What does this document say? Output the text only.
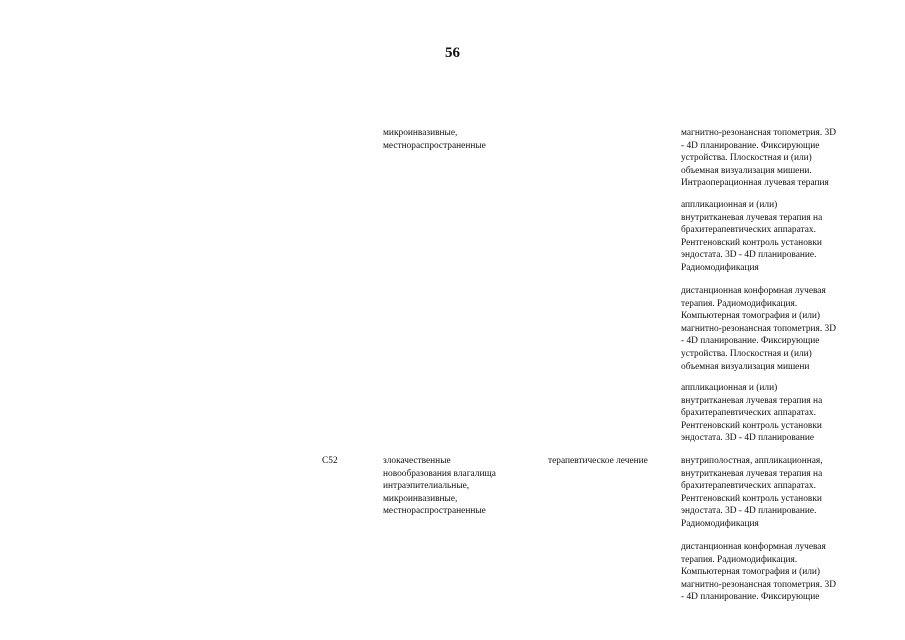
56
микроинвазивные,
местнораспространенные
магнитно-резонансная топометрия. 3D
- 4D планирование. Фиксирующие
устройства. Плоскостная и (или)
объемная визуализация мишени.
Интраоперационная лучевая терапия
аппликационная и (или)
внутритканевая лучевая терапия на
брахитерапевтических аппаратах.
Рентгеновский контроль установки
эндостата. 3D - 4D планирование.
Радиомодификация
дистанционная конформная лучевая
терапия. Радиомодификация.
Компьютерная томография и (или)
магнитно-резонансная топометрия. 3D
- 4D планирование. Фиксирующие
устройства. Плоскостная и (или)
объемная визуализация мишени
аппликационная и (или)
внутритканевая лучевая терапия на
брахитерапевтических аппаратах.
Рентгеновский контроль установки
эндостата. 3D - 4D планирование
C52	злокачественные
новообразования влагалища
интраэпителиальные,
микроинвазивные,
местнораспространенные
терапевтическое лечение	внутриполостная, аппликационная,
внутритканевая лучевая терапия на
брахитерапевтических аппаратах.
Рентгеновский контроль установки
эндостата. 3D - 4D планирование.
Радиомодификация
дистанционная конформная лучевая
терапия. Радиомодификация.
Компьютерная томография и (или)
магнитно-резонансная топометрия. 3D
- 4D планирование. Фиксирующие
